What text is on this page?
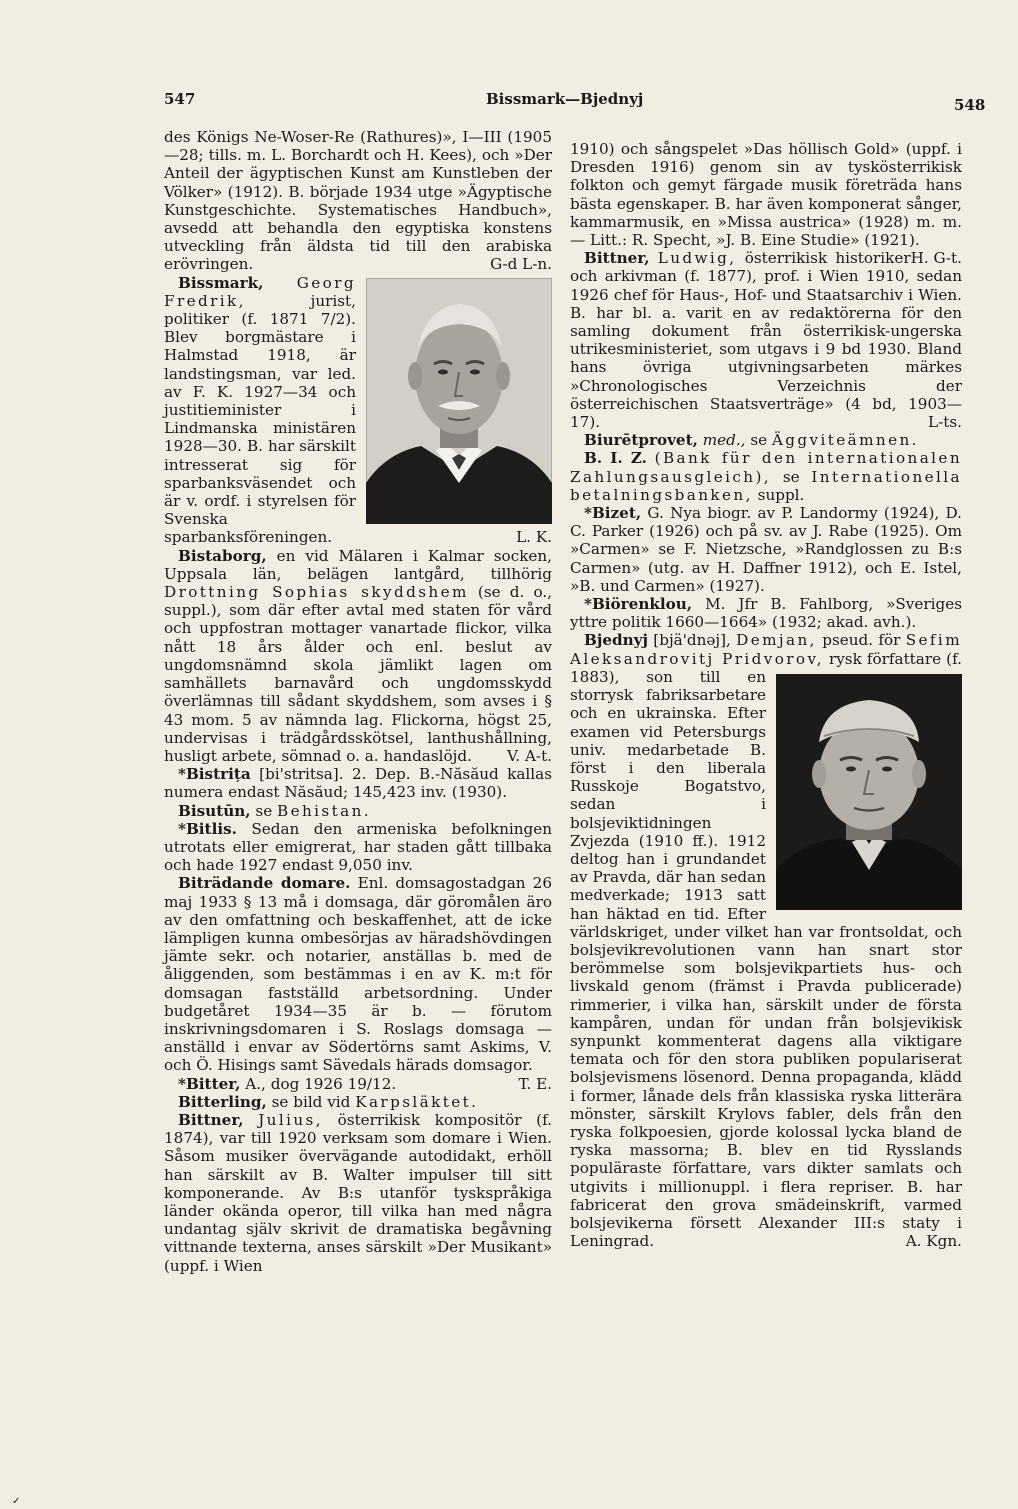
547	Bissmark—Bjednyj	548

des Königs Ne-Woser-Re (Rathures)», I—III (1905—28; tills. m. L. Borchardt och H. Kees), och »Der Anteil der ägyptischen Kunst am Kunstleben der Völker» (1912). B. började 1934 utge »Ägyptische Kunstgeschichte. Systematisches Handbuch», avsedd att behandla den egyptiska konstens utveckling från äldsta tid till den arabiska erövringen.	G-d L-n.

Bissmark, Georg Fredrik,	jurist, politiker (f. 1871 7/2). Blev borgmästare i Halmstad 1918, är landstingsman, var led. av F. K. 1927—34 och justitieminister i Lindmanska ministären 1928—30. B. har särskilt intresserat sig för sparbanksväsendet och är v. ordf. i styrelsen för Svenska sparbanksföreningen.	L. K.

Bistaborg, en vid Mälaren i Kalmar socken, Uppsala län, belägen lantgård, tillhörig Drottning Sophias skyddshem (se d. o., suppl.), som där efter avtal med staten för vård och uppfostran mottager vanartade flickor, vilka nått 18 års ålder och enl. beslut av ungdomsnämnd skola jämlikt lagen om samhällets barnavård och ungdomsskydd överlämnas till sådant skyddshem, som avses i § 43 mom. 5 av nämnda lag. Flickorna, högst 25, undervisas i trädgårdsskötsel, lanthushållning, husligt arbete, sömnad o. a. handaslöjd.	V. A-t.

*Bistrița [bi'stritsa]. 2. Dep. B.-Năsăud kallas numera endast Năsăud; 145,423 inv. (1930).

Bisutūn, se Behistan.

*Bitlis. Sedan den armeniska befolkningen utrotats eller emigrerat, har staden gått tillbaka och hade 1927 endast 9,050 inv.

Biträdande domare. Enl. domsagostadgan 26 maj 1933 § 13 må i domsaga, där göromålen äro av den omfattning och beskaffenhet, att de icke lämpligen kunna ombesörjas av häradshövdingen jämte sekr. och notarier, anställas b. med de åliggenden, som bestämmas i en av K. m:t för domsagan fastställd arbetsordning. Under budgetåret 1934—35 är b. — förutom inskrivningsdomaren i S. Roslags domsaga — anställd i envar av Södertörns samt Askims, V. och Ö. Hisings samt Sävedals härads domsagor.
T. E.

*Bitter, A., dog 1926 19/12.

Bitterling, se bild vid Karpsläktet.

Bittner, Julius, österrikisk kompositör (f. 1874), var till 1920 verksam som domare i Wien. Såsom musiker övervägande autodidakt, erhöll han särskilt av B. Walter impulser till sitt komponerande. Av B:s utanför tyskspråkiga länder okända operor, till vilka han med några undantag själv skrivit de dramatiska begåvning vittnande texterna, anses särskilt »Der Musikant» (uppf. i Wien

1910) och sångspelet »Das höllisch Gold» (uppf. i Dresden 1916) genom sin av tyskösterrikisk folkton och gemyt färgade musik företräda hans bästa egenskaper. B. har även komponerat sånger, kammarmusik, en »Missa austrica» (1928) m. m. — Litt.: R. Specht, »J. B. Eine Studie» (1921).
H. G-t.

Bittner, Ludwig, österrikisk historiker och arkivman (f. 1877), prof. i Wien 1910, sedan 1926 chef för Haus-, Hof- und Staatsarchiv i Wien. B. har bl. a. varit en av redaktörerna för den samling dokument från österrikisk-ungerska utrikesministeriet, som utgavs i 9 bd 1930. Bland hans övriga utgivningsarbeten märkes »Chronologisches Verzeichnis der österreichischen Staatsverträge» (4 bd, 1903—17).	L-ts.

Biurētprovet, med., se Äggviteämnen.

B. I. Z. (Bank für den internationalen Zahlungsausgleich), se Internationella betalningsbanken, suppl.

*Bizet, G. Nya biogr. av P. Landormy (1924), D. C. Parker (1926) och på sv. av J. Rabe (1925). Om »Carmen» se F. Nietzsche, »Randglossen zu B:s Carmen» (utg. av H. Daffner 1912), och E. Istel, »B. und Carmen» (1927).

*Biörenklou, M. Jfr B. Fahlborg, »Sveriges yttre politik 1660—1664» (1932; akad. avh.).

Bjednyj [bjä'dnəj], Demjan, pseud. för Sefim Aleksandrovitj Pridvorov, rysk författare (f. 1883), son till en storrysk fabriksarbetare och en ukrainska. Efter examen vid Petersburgs univ. medarbetade B. först i den liberala Russkoje Bogatstvo, sedan i bolsjeviktidningen Zvjezda (1910 ff.). 1912 deltog han i grundandet av Pravda, där han sedan medverkade; 1913 satt han häktad en tid. Efter världskriget, under vilket han var frontsoldat, och bolsjevikrevolutionen vann han snart stor berömmelse som bolsjevikpartiets hus- och livskald genom (främst i Pravda publicerade) rimmerier, i vilka han, särskilt under de första kampåren, undan för undan från bolsjevikisk synpunkt kommenterat dagens alla viktigare temata och för den stora publiken populariserat bolsjevismens lösenord. Denna propaganda, klädd i former, lånade dels från klassiska ryska litterära mönster, särskilt Krylovs fabler, dels från den ryska folkpoesien, gjorde kolossal lycka bland de ryska massorna; B. blev en tid Rysslands populäraste författare, vars dikter samlats och utgivits i millionuppl. i flera repriser. B. har fabricerat den grova smädeinskrift, varmed bolsjevikerna försett Alexander III:s staty i Leningrad.	A. Kgn.

✓
